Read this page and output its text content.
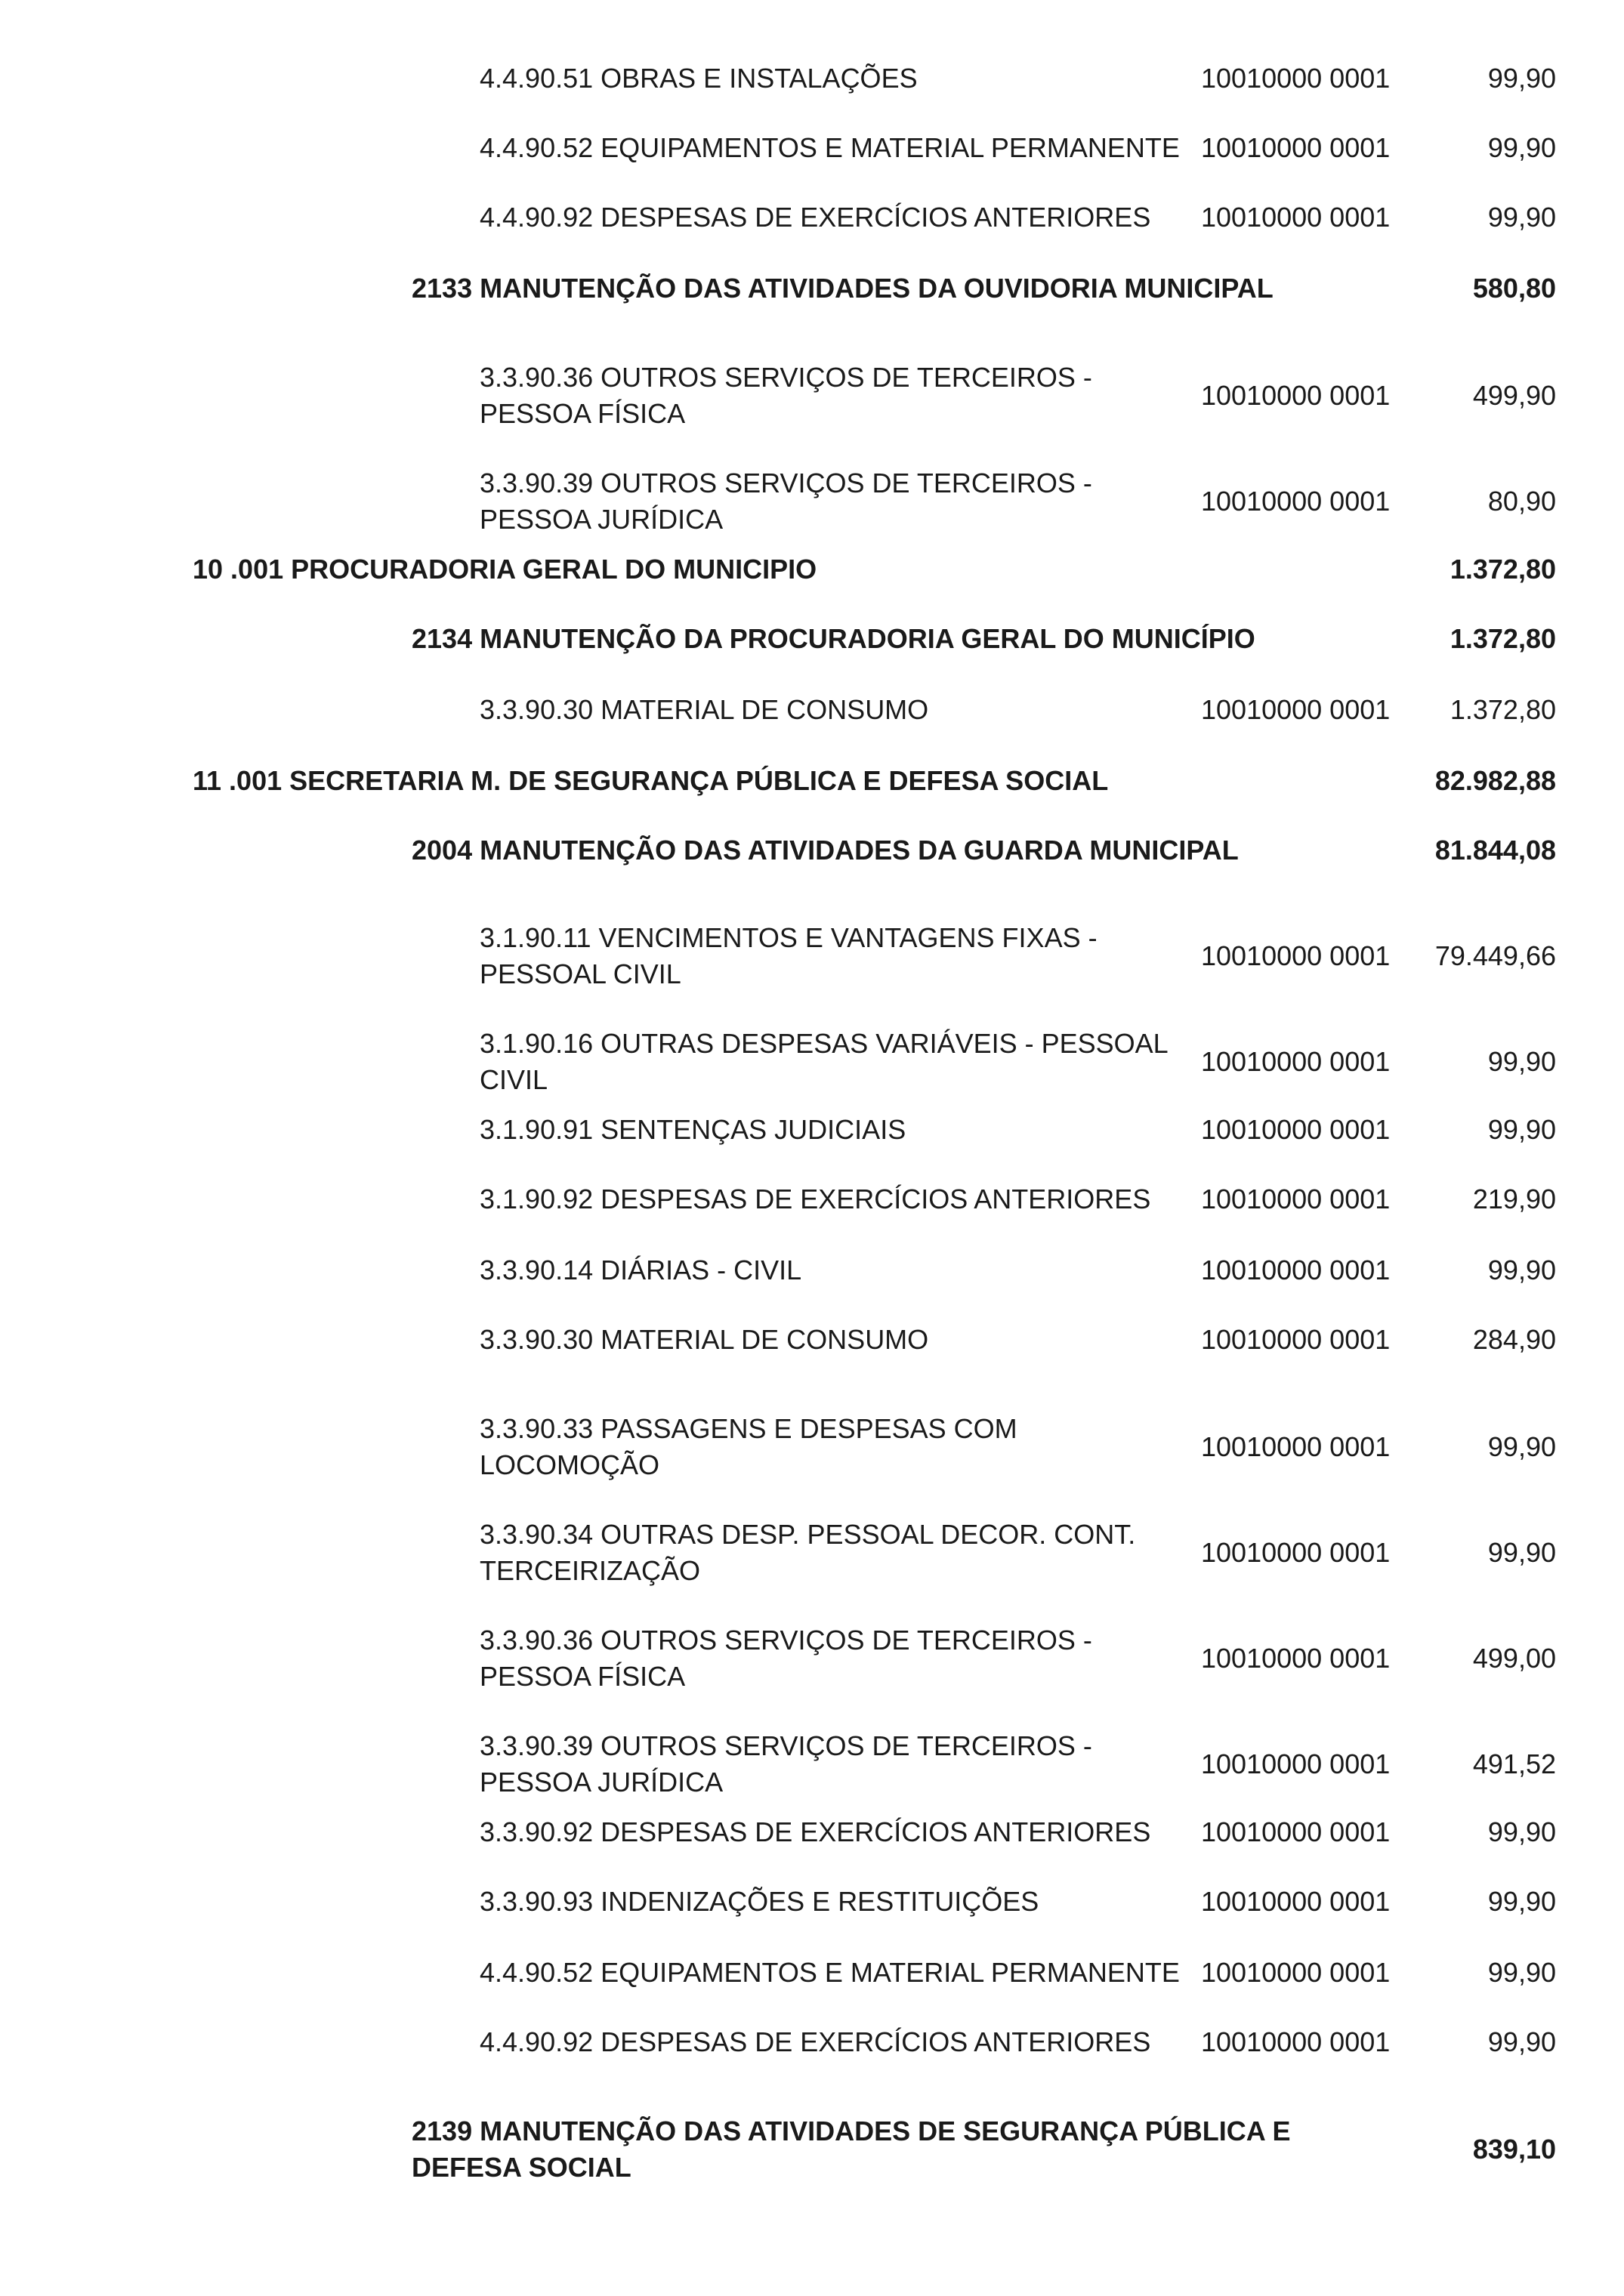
4.4.90.51 OBRAS E INSTALAÇÕES	10010000 0001	99,90
4.4.90.52 EQUIPAMENTOS E MATERIAL PERMANENTE 10010000 0001	99,90
4.4.90.92 DESPESAS DE EXERCÍCIOS ANTERIORES	10010000 0001	99,90
2133 MANUTENÇÃO DAS ATIVIDADES DA OUVIDORIA MUNICIPAL	580,80
3.3.90.36 OUTROS SERVIÇOS DE TERCEIROS - PESSOA FÍSICA
10010000 0001	499,90
3.3.90.39 OUTROS SERVIÇOS DE TERCEIROS - PESSOA JURÍDICA
10010000 0001	80,90
10 .001 PROCURADORIA GERAL DO MUNICIPIO	1.372,80
2134 MANUTENÇÃO DA PROCURADORIA GERAL DO MUNICÍPIO	1.372,80
3.3.90.30 MATERIAL DE CONSUMO	10010000 0001	1.372,80
11 .001 SECRETARIA M. DE SEGURANÇA PÚBLICA E DEFESA SOCIAL	82.982,88
2004 MANUTENÇÃO DAS ATIVIDADES DA GUARDA MUNICIPAL	81.844,08
3.1.90.11 VENCIMENTOS E VANTAGENS FIXAS - PESSOAL CIVIL
10010000 0001	79.449,66
3.1.90.16 OUTRAS DESPESAS VARIÁVEIS - PESSOAL CIVIL
10010000 0001	99,90
3.1.90.91 SENTENÇAS JUDICIAIS	10010000 0001	99,90
3.1.90.92 DESPESAS DE EXERCÍCIOS ANTERIORES	10010000 0001	219,90
3.3.90.14 DIÁRIAS - CIVIL	10010000 0001	99,90
3.3.90.30 MATERIAL DE CONSUMO	10010000 0001	284,90
3.3.90.33 PASSAGENS E DESPESAS COM LOCOMOÇÃO
10010000 0001	99,90
3.3.90.34 OUTRAS DESP. PESSOAL DECOR. CONT. TERCEIRIZAÇÃO
10010000 0001	99,90
3.3.90.36 OUTROS SERVIÇOS DE TERCEIROS - PESSOA FÍSICA
10010000 0001	499,00
3.3.90.39 OUTROS SERVIÇOS DE TERCEIROS - PESSOA JURÍDICA
10010000 0001	491,52
3.3.90.92 DESPESAS DE EXERCÍCIOS ANTERIORES	10010000 0001	99,90
3.3.90.93 INDENIZAÇÕES E RESTITUIÇÕES	10010000 0001	99,90
4.4.90.52 EQUIPAMENTOS E MATERIAL PERMANENTE 10010000 0001	99,90
4.4.90.92 DESPESAS DE EXERCÍCIOS ANTERIORES	10010000 0001	99,90
2139 MANUTENÇÃO DAS ATIVIDADES DE SEGURANÇA PÚBLICA E DEFESA SOCIAL
839,10
